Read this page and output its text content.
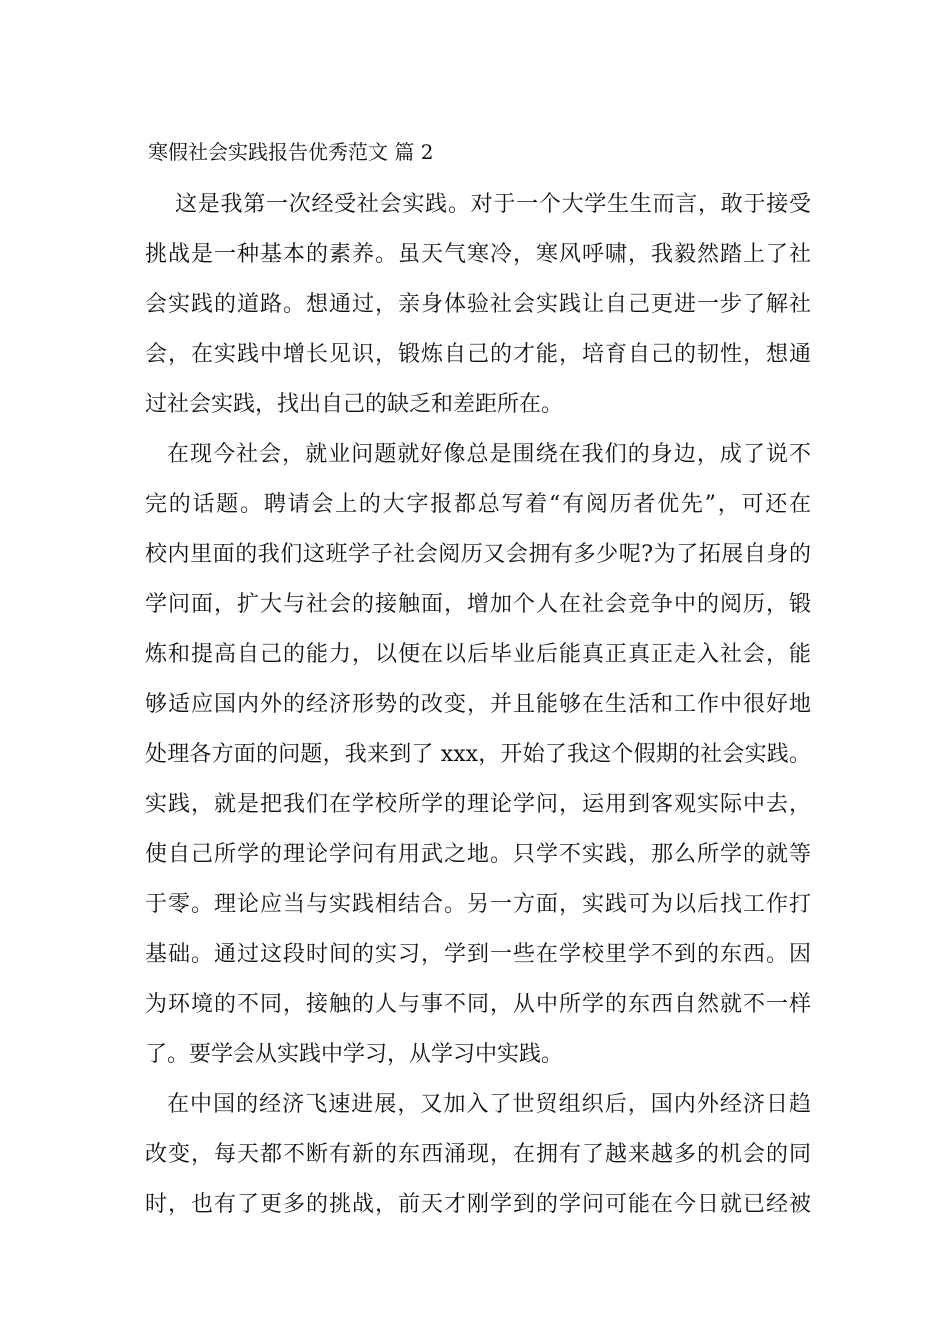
寒假社会实践报告优秀范文 篇 2
这是我第一次经受社会实践。对于一个大学生生而言，敢于接受
挑战是一种基本的素养。虽天气寒冷，寒风呼啸，我毅然踏上了社
会实践的道路。想通过，亲身体验社会实践让自己更进一步了解社
会，在实践中增长见识，锻炼自己的才能，培育自己的韧性，想通
过社会实践，找出自己的缺乏和差距所在。
在现今社会，就业问题就好像总是围绕在我们的身边，成了说不
完的话题。聘请会上的大字报都总写着“有阅历者优先”，可还在
校内里面的我们这班学子社会阅历又会拥有多少呢?为了拓展自身的
学问面，扩大与社会的接触面，增加个人在社会竞争中的阅历，锻
炼和提高自己的能力，以便在以后毕业后能真正真正走入社会，能
够适应国内外的经济形势的改变，并且能够在生活和工作中很好地
处理各方面的问题，我来到了 xxx，开始了我这个假期的社会实践。
实践，就是把我们在学校所学的理论学问，运用到客观实际中去，
使自己所学的理论学问有用武之地。只学不实践，那么所学的就等
于零。理论应当与实践相结合。另一方面，实践可为以后找工作打
基础。通过这段时间的实习，学到一些在学校里学不到的东西。因
为环境的不同，接触的人与事不同，从中所学的东西自然就不一样
了。要学会从实践中学习，从学习中实践。
在中国的经济飞速进展，又加入了世贸组织后，国内外经济日趋
改变，每天都不断有新的东西涌现，在拥有了越来越多的机会的同
时，也有了更多的挑战，前天才刚学到的学问可能在今日就已经被
